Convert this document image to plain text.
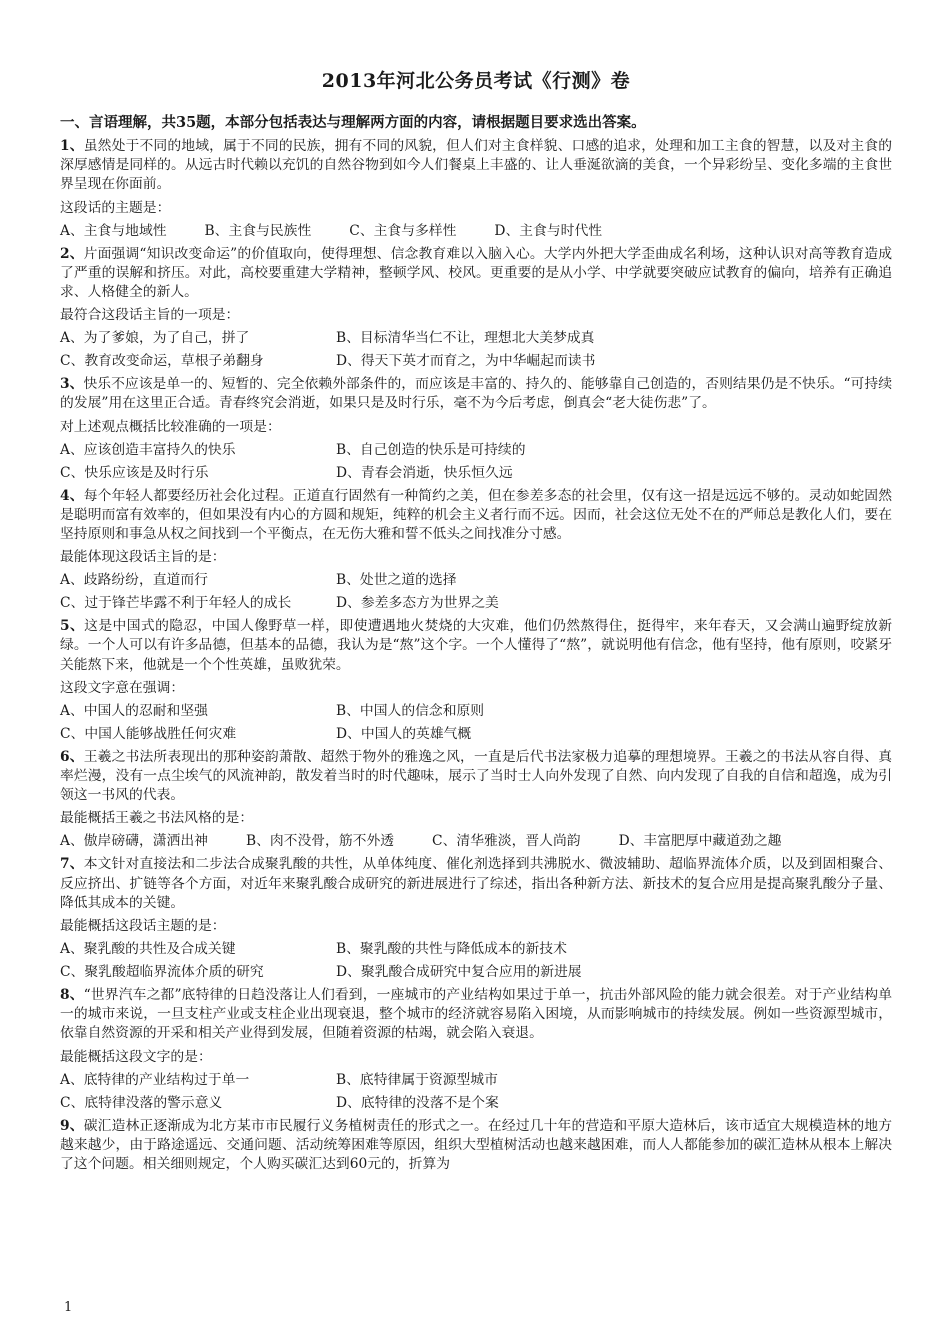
2013年河北公务员考试《行测》卷
一、言语理解，共35题，本部分包括表达与理解两方面的内容，请根据题目要求选出答案。

1、虽然处于不同的地域，属于不同的民族，拥有不同的风貌，但人们对主食样貌、口感的追求，处理和加工主食的智慧，以及对主食的深厚感情是同样的。从远古时代赖以充饥的自然谷物到如今人们餐桌上丰盛的、让人垂涎欲滴的美食，一个异彩纷呈、变化多端的主食世界呈现在你面前。

这段话的主题是：
A、主食与地域性	B、主食与民族性	C、主食与多样性	D、主食与时代性

2、片面强调“知识改变命运”的价值取向，使得理想、信念教育难以入脑入心。大学内外把大学歪曲成名利场，这种认识对高等教育造成了严重的误解和挤压。对此，高校要重建大学精神，整顿学风、校风。更重要的是从小学、中学就要突破应试教育的偏向，培养有正确追求、人格健全的新人。

最符合这段话主旨的一项是：
A、为了爹娘，为了自己，拼了	B、目标清华当仁不让，理想北大美梦成真
C、教育改变命运，草根子弟翻身	D、得天下英才而育之，为中华崛起而读书

3、快乐不应该是单一的、短暂的、完全依赖外部条件的，而应该是丰富的、持久的、能够靠自己创造的，否则结果仍是不快乐。“可持续的发展”用在这里正合适。青春终究会消逝，如果只是及时行乐，毫不为今后考虑，倒真会“老大徒伤悲”了。

对上述观点概括比较准确的一项是：
A、应该创造丰富持久的快乐	B、自己创造的快乐是可持续的
C、快乐应该是及时行乐	D、青春会消逝，快乐恒久远

4、每个年轻人都要经历社会化过程。正道直行固然有一种简约之美，但在参差多态的社会里，仅有这一招是远远不够的。灵动如蛇固然是聪明而富有效率的，但如果没有内心的方圆和规矩，纯粹的机会主义者行而不远。因而，社会这位无处不在的严师总是教化人们，要在坚持原则和事急从权之间找到一个平衡点，在无伤大雅和誓不低头之间找准分寸感。

最能体现这段话主旨的是：
A、歧路纷纷，直道而行	B、处世之道的选择
C、过于锋芒毕露不利于年轻人的成长	D、参差多态方为世界之美

5、这是中国式的隐忍，中国人像野草一样，即使遭遇地火焚烧的大灾难，他们仍然熬得住，挺得牢，来年春天，又会满山遍野绽放新绿。一个人可以有许多品德，但基本的品德，我认为是“熬”这个字。一个人懂得了“熬”，就说明他有信念，他有坚持，他有原则，咬紧牙关能熬下来，他就是一个个性英雄，虽败犹荣。

这段文字意在强调：
A、中国人的忍耐和坚强	B、中国人的信念和原则
C、中国人能够战胜任何灾难	D、中国人的英雄气概

6、王羲之书法所表现出的那种姿韵萧散、超然于物外的雅逸之风，一直是后代书法家极力追摹的理想境界。王羲之的书法从容自得、真率烂漫，没有一点尘埃气的风流神韵，散发着当时的时代趣味，展示了当时士人向外发现了自然、向内发现了自我的自信和超逸，成为引领这一书风的代表。

最能概括王羲之书法风格的是：
A、傲岸磅礴，潇洒出神	B、肉不没骨，筋不外透	C、清华雅淡，晋人尚韵	D、丰富肥厚中藏道劲之趣

7、本文针对直接法和二步法合成聚乳酸的共性，从单体纯度、催化剂选择到共沸脱水、微波辅助、超临界流体介质，以及到固相聚合、反应挤出、扩链等各个方面，对近年来聚乳酸合成研究的新进展进行了综述，指出各种新方法、新技术的复合应用是提高聚乳酸分子量、降低其成本的关键。

最能概括这段话主题的是：
A、聚乳酸的共性及合成关键	B、聚乳酸的共性与降低成本的新技术
C、聚乳酸超临界流体介质的研究	D、聚乳酸合成研究中复合应用的新进展

8、“世界汽车之都”底特律的日趋没落让人们看到，一座城市的产业结构如果过于单一，抗击外部风险的能力就会很差。对于产业结构单一的城市来说，一旦支柱产业或支柱企业出现衰退，整个城市的经济就容易陷入困境，从而影响城市的持续发展。例如一些资源型城市，依靠自然资源的开采和相关产业得到发展，但随着资源的枯竭，就会陷入衰退。

最能概括这段文字的是：
A、底特律的产业结构过于单一	B、底特律属于资源型城市
C、底特律没落的警示意义	D、底特律的没落不是个案

9、碳汇造林正逐渐成为北方某市市民履行义务植树责任的形式之一。在经过几十年的营造和平原大造林后，该市适宜大规模造林的地方越来越少，由于路途遥远、交通问题、活动统筹困难等原因，组织大型植树活动也越来越困难，而人人都能参加的碳汇造林从根本上解决了这个问题。相关细则规定，个人购买碳汇达到60元的，折算为

1
